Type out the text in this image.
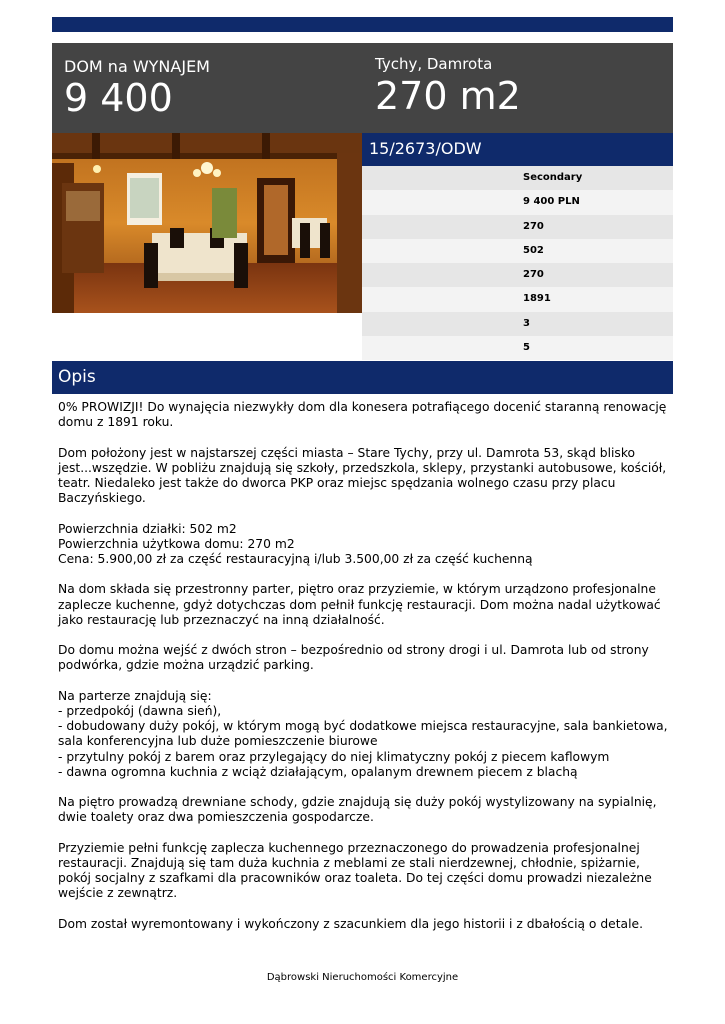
DOM na WYNAJEM
9 400
Tychy, Damrota
270 m2
15/2673/ODW
Secondary
9 400 PLN
270
502
270
1891
3
5
Opis

0% PROWIZJI! Do wynajęcia niezwykły dom dla konesera potrafiącego docenić staranną renowację domu z 1891 roku.

Dom położony jest w najstarszej części miasta – Stare Tychy, przy ul. Damrota 53, skąd blisko jest...wszędzie. W pobliżu znajdują się szkoły, przedszkola, sklepy, przystanki autobusowe, kościół, teatr. Niedaleko jest także do dworca PKP oraz miejsc spędzania wolnego czasu przy placu Baczyńskiego.

Powierzchnia działki: 502 m2
Powierzchnia użytkowa domu: 270 m2
Cena: 5.900,00 zł za część restauracyjną i/lub 3.500,00 zł za część kuchenną

Na dom składa się przestronny parter, piętro oraz przyziemie, w którym urządzono profesjonalne zaplecze kuchenne, gdyż dotychczas dom pełnił funkcję restauracji. Dom można nadal użytkować jako restaurację lub przeznaczyć na inną działalność.

Do domu można wejść z dwóch stron – bezpośrednio od strony drogi i ul. Damrota lub od strony podwórka, gdzie można urządzić parking.

Na parterze znajdują się:
- przedpokój (dawna sień),
- dobudowany duży pokój, w którym mogą być dodatkowe miejsca restauracyjne, sala bankietowa, sala konferencyjna lub duże pomieszczenie biurowe
- przytulny pokój z barem oraz przylegający do niej klimatyczny pokój z piecem kaflowym
- dawna ogromna kuchnia z wciąż działającym, opalanym drewnem piecem z blachą

Na piętro prowadzą drewniane schody, gdzie znajdują się duży pokój wystylizowany na sypialnię, dwie toalety oraz dwa pomieszczenia gospodarcze.

Przyziemie pełni funkcję zaplecza kuchennego przeznaczonego do prowadzenia profesjonalnej restauracji. Znajdują się tam duża kuchnia z meblami ze stali nierdzewnej, chłodnie, spiżarnie, pokój socjalny z szafkami dla pracowników oraz toaleta. Do tej części domu prowadzi niezależne wejście z zewnątrz.

Dom został wyremontowany i wykończony z szacunkiem dla jego historii i z dbałością o detale.

Dąbrowski Nieruchomości Komercyjne
